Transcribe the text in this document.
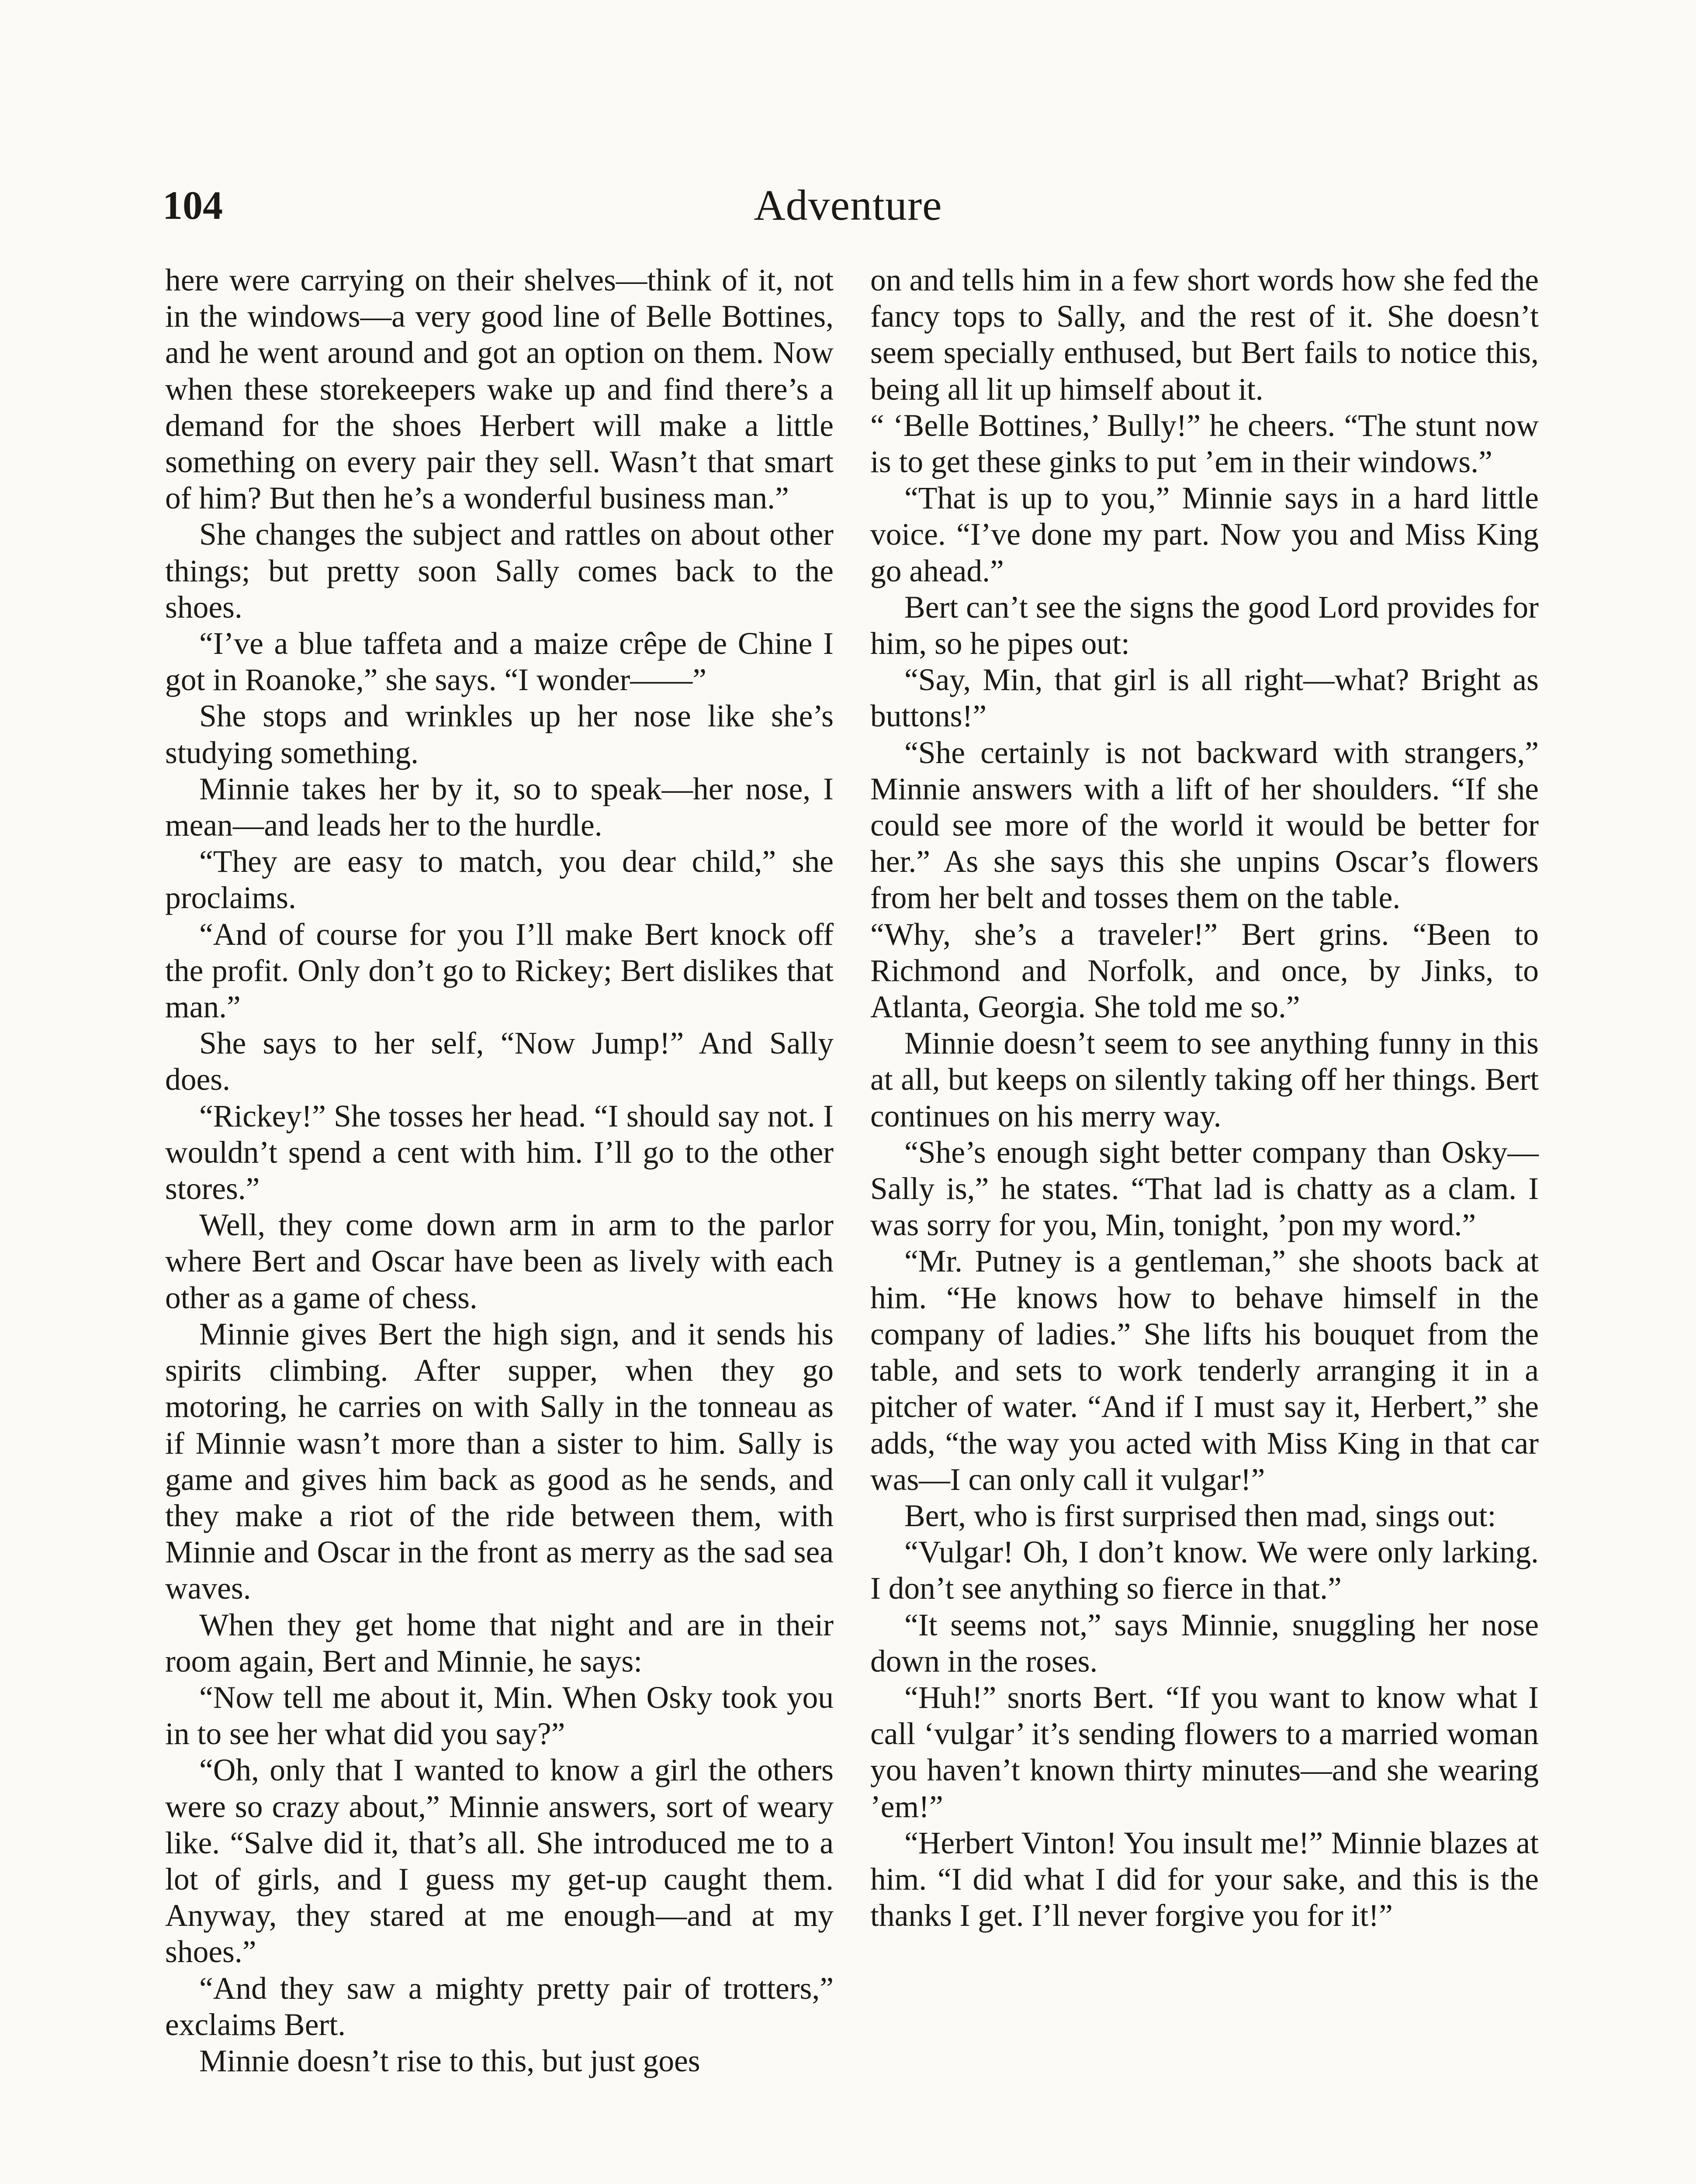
104	Adventure

here were carrying on their shelves—think of it, not in the windows—a very good line of Belle Bottines, and he went around and got an option on them. Now when these storekeepers wake up and find there’s a demand for the shoes Herbert will make a little something on every pair they sell. Wasn’t that smart of him? But then he’s a wonderful business man.”

She changes the subject and rattles on about other things; but pretty soon Sally comes back to the shoes.

“I’ve a blue taffeta and a maize crêpe de Chine I got in Roanoke,” she says. “I wonder——”

She stops and wrinkles up her nose like she’s studying something.

Minnie takes her by it, so to speak—her nose, I mean—and leads her to the hurdle.

“They are easy to match, you dear child,” she proclaims.

“And of course for you I’ll make Bert knock off the profit. Only don’t go to Rickey; Bert dislikes that man.”

She says to her self, “Now Jump!” And Sally does.

“Rickey!” She tosses her head. “I should say not. I wouldn’t spend a cent with him. I’ll go to the other stores.”

Well, they come down arm in arm to the parlor where Bert and Oscar have been as lively with each other as a game of chess.

Minnie gives Bert the high sign, and it sends his spirits climbing. After supper, when they go motoring, he carries on with Sally in the tonneau as if Minnie wasn’t more than a sister to him. Sally is game and gives him back as good as he sends, and they make a riot of the ride between them, with Minnie and Oscar in the front as merry as the sad sea waves.

When they get home that night and are in their room again, Bert and Minnie, he says:

“Now tell me about it, Min. When Osky took you in to see her what did you say?”

“Oh, only that I wanted to know a girl the others were so crazy about,” Minnie answers, sort of weary like. “Salve did it, that’s all. She introduced me to a lot of girls, and I guess my get-up caught them. Anyway, they stared at me enough—and at my shoes.”

“And they saw a mighty pretty pair of trotters,” exclaims Bert.

Minnie doesn’t rise to this, but just goes

on and tells him in a few short words how she fed the fancy tops to Sally, and the rest of it. She doesn’t seem specially enthused, but Bert fails to notice this, being all lit up himself about it.

“ ‘Belle Bottines,’ Bully!” he cheers. “The stunt now is to get these ginks to put ’em in their windows.”

“That is up to you,” Minnie says in a hard little voice. “I’ve done my part. Now you and Miss King go ahead.”

Bert can’t see the signs the good Lord provides for him, so he pipes out:

“Say, Min, that girl is all right—what? Bright as buttons!”

“She certainly is not backward with strangers,” Minnie answers with a lift of her shoulders. “If she could see more of the world it would be better for her.” As she says this she unpins Oscar’s flowers from her belt and tosses them on the table.

“Why, she’s a traveler!” Bert grins. “Been to Richmond and Norfolk, and once, by Jinks, to Atlanta, Georgia. She told me so.”

Minnie doesn’t seem to see anything funny in this at all, but keeps on silently taking off her things. Bert continues on his merry way.

“She’s enough sight better company than Osky—Sally is,” he states. “That lad is chatty as a clam. I was sorry for you, Min, tonight, ’pon my word.”

“Mr. Putney is a gentleman,” she shoots back at him. “He knows how to behave himself in the company of ladies.” She lifts his bouquet from the table, and sets to work tenderly arranging it in a pitcher of water. “And if I must say it, Herbert,” she adds, “the way you acted with Miss King in that car was—I can only call it vulgar!”

Bert, who is first surprised then mad, sings out:

“Vulgar! Oh, I don’t know. We were only larking. I don’t see anything so fierce in that.”

“It seems not,” says Minnie, snuggling her nose down in the roses.

“Huh!” snorts Bert. “If you want to know what I call ‘vulgar’ it’s sending flowers to a married woman you haven’t known thirty minutes—and she wearing ’em!”

“Herbert Vinton! You insult me!” Minnie blazes at him. “I did what I did for your sake, and this is the thanks I get. I’ll never forgive you for it!”
